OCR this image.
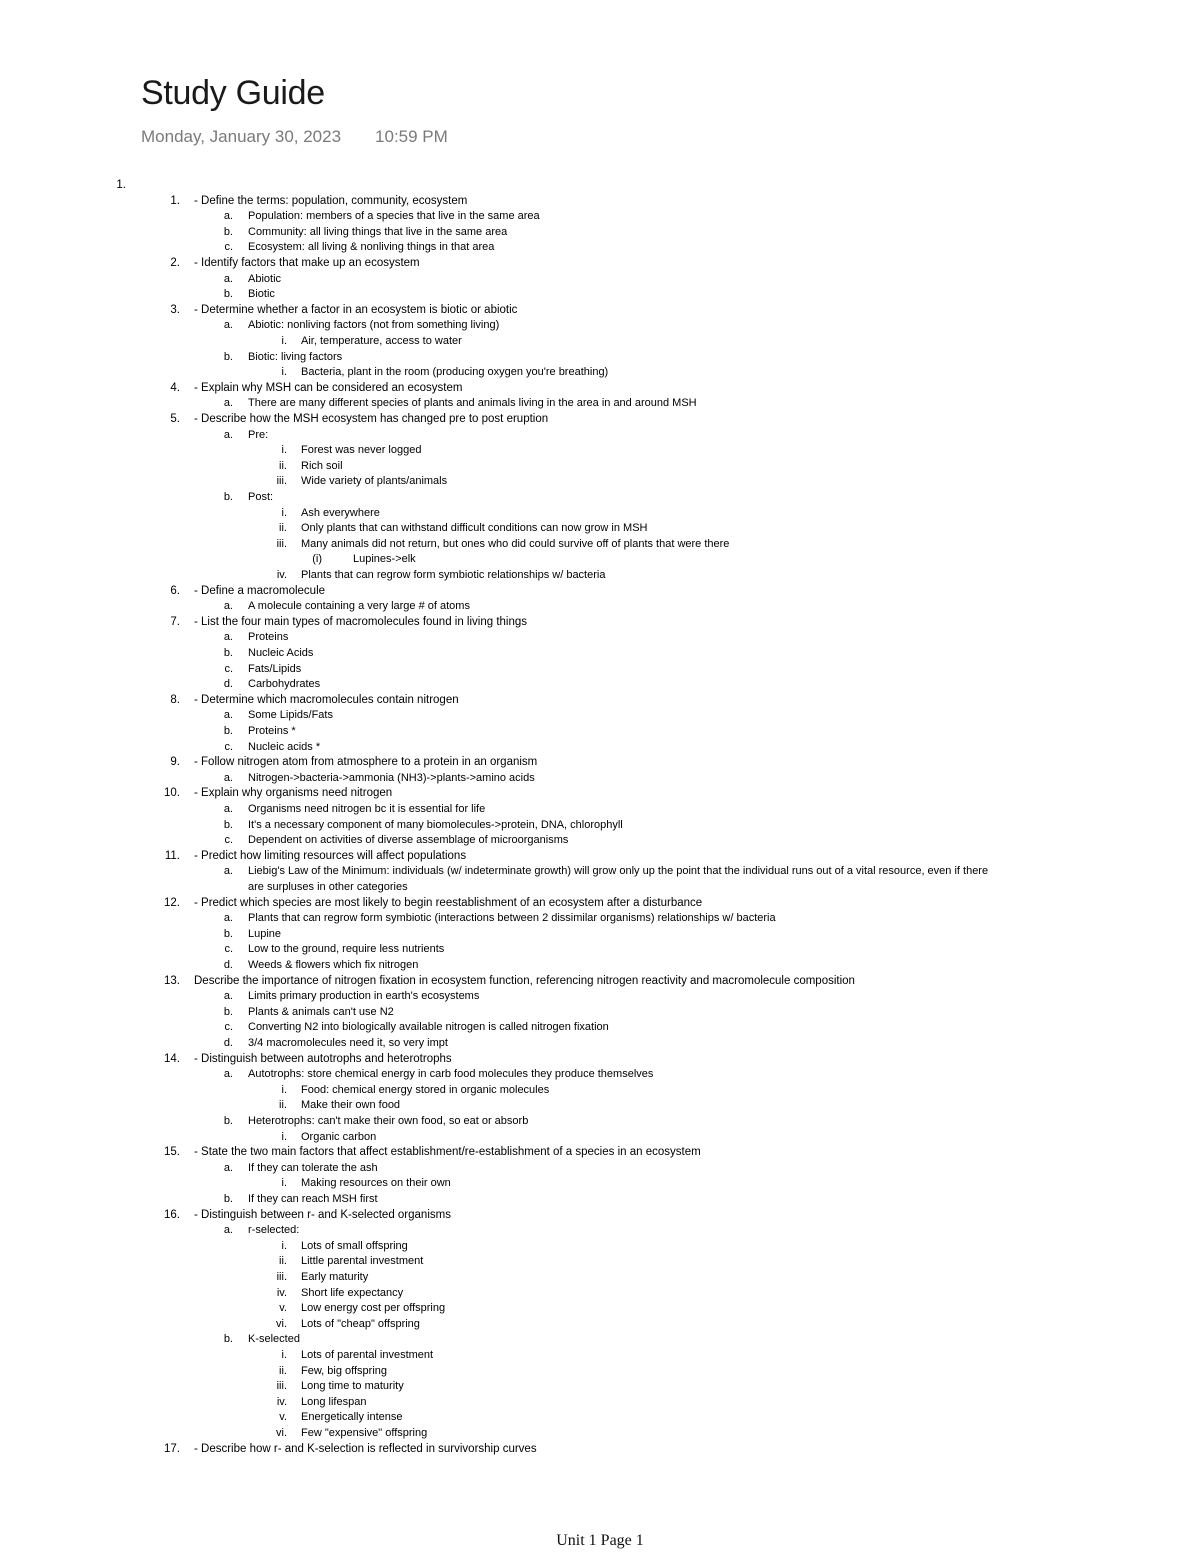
Study Guide
Monday, January 30, 2023 10:59 PM
1.
1. - Define the terms: population, community, ecosystem
a. Population: members of a species that live in the same area
b. Community: all living things that live in the same area
c. Ecosystem: all living & nonliving things in that area
2. - Identify factors that make up an ecosystem
a. Abiotic
b. Biotic
3. - Determine whether a factor in an ecosystem is biotic or abiotic
a. Abiotic: nonliving factors (not from something living)
i. Air, temperature, access to water
b. Biotic: living factors
i. Bacteria, plant in the room (producing oxygen you're breathing)
4. - Explain why MSH can be considered an ecosystem
a. There are many different species of plants and animals living in the area in and around MSH
5. - Describe how the MSH ecosystem has changed pre to post eruption
a. Pre:
i. Forest was never logged
ii. Rich soil
iii. Wide variety of plants/animals
b. Post:
i. Ash everywhere
ii. Only plants that can withstand difficult conditions can now grow in MSH
iii. Many animals did not return, but ones who did could survive off of plants that were there
(i)	Lupines->elk
iv. Plants that can regrow form symbiotic relationships w/ bacteria
6. - Define a macromolecule
a. A molecule containing a very large # of atoms
7. - List the four main types of macromolecules found in living things
a. Proteins
b. Nucleic Acids
c. Fats/Lipids
d. Carbohydrates
8. - Determine which macromolecules contain nitrogen
a. Some Lipids/Fats
b. Proteins *
c. Nucleic acids *
9. - Follow nitrogen atom from atmosphere to a protein in an organism
a. Nitrogen->bacteria->ammonia (NH3)->plants->amino acids
10. - Explain why organisms need nitrogen
a. Organisms need nitrogen bc it is essential for life
b. It's a necessary component of many biomolecules->protein, DNA, chlorophyll
c. Dependent on activities of diverse assemblage of microorganisms
11. - Predict how limiting resources will affect populations
a. Liebig's Law of the Minimum: individuals (w/ indeterminate growth) will grow only up the point that the individual runs out of a vital resource, even if there
are surpluses in other categories
12. - Predict which species are most likely to begin reestablishment of an ecosystem after a disturbance
a. Plants that can regrow form symbiotic (interactions between 2 dissimilar organisms) relationships w/ bacteria
b. Lupine
c. Low to the ground, require less nutrients
d. Weeds & flowers which fix nitrogen
13. Describe the importance of nitrogen fixation in ecosystem function, referencing nitrogen reactivity and macromolecule composition
a. Limits primary production in earth's ecosystems
b. Plants & animals can't use N2
c. Converting N2 into biologically available nitrogen is called nitrogen fixation
d. 3/4 macromolecules need it, so very impt
14. - Distinguish between autotrophs and heterotrophs
a. Autotrophs: store chemical energy in carb food molecules they produce themselves
i. Food: chemical energy stored in organic molecules
ii. Make their own food
b. Heterotrophs: can't make their own food, so eat or absorb
i. Organic carbon
15. - State the two main factors that affect establishment/re-establishment of a species in an ecosystem
a. If they can tolerate the ash
i. Making resources on their own
b. If they can reach MSH first
16. - Distinguish between r- and K-selected organisms
a. r-selected:
i. Lots of small offspring
ii. Little parental investment
iii. Early maturity
iv. Short life expectancy
v. Low energy cost per offspring
vi. Lots of "cheap" offspring
b. K-selected
i. Lots of parental investment
ii. Few, big offspring
iii. Long time to maturity
iv. Long lifespan
v. Energetically intense
vi. Few "expensive" offspring
17. - Describe how r- and K-selection is reflected in survivorship curves
Unit 1 Page 1
